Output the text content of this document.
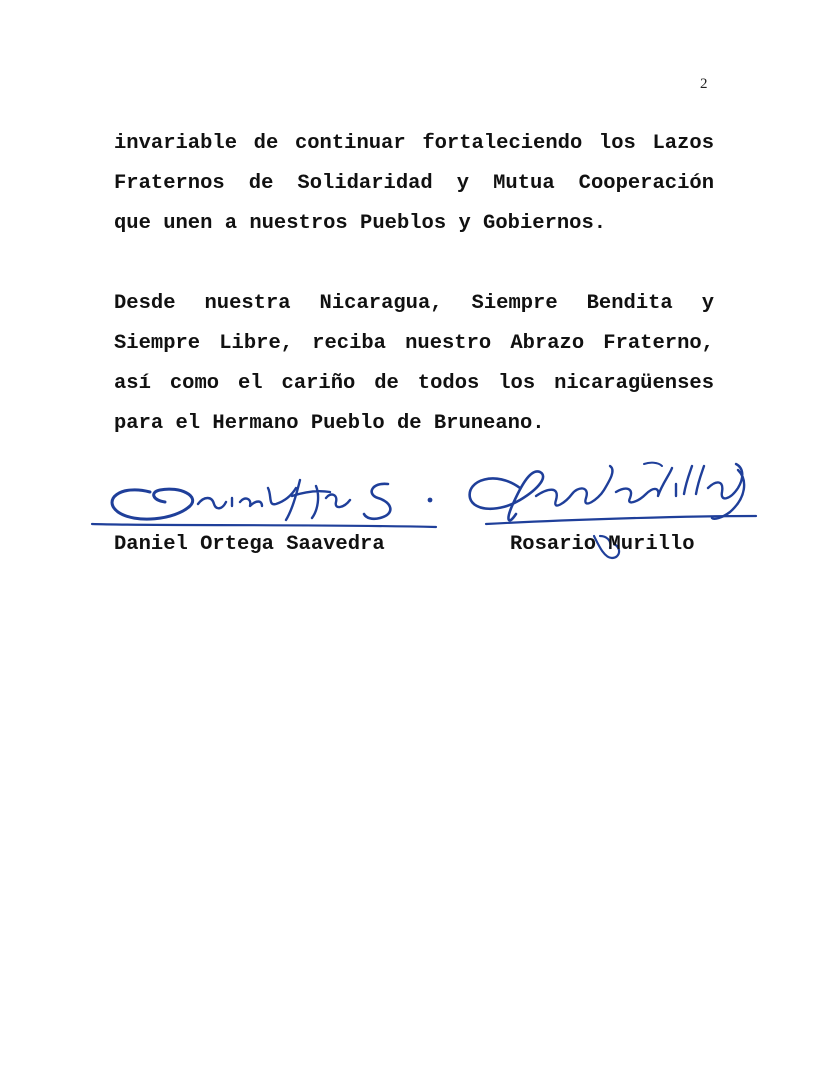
2
invariable de continuar fortaleciendo los Lazos
Fraternos de Solidaridad y Mutua Cooperación
que unen a nuestros Pueblos y Gobiernos.
Desde nuestra Nicaragua, Siempre Bendita y
Siempre Libre, reciba nuestro Abrazo Fraterno,
así como el cariño de todos los nicaragüenses
para el Hermano Pueblo de Bruneano.
Daniel Ortega Saavedra	Rosario Murillo
